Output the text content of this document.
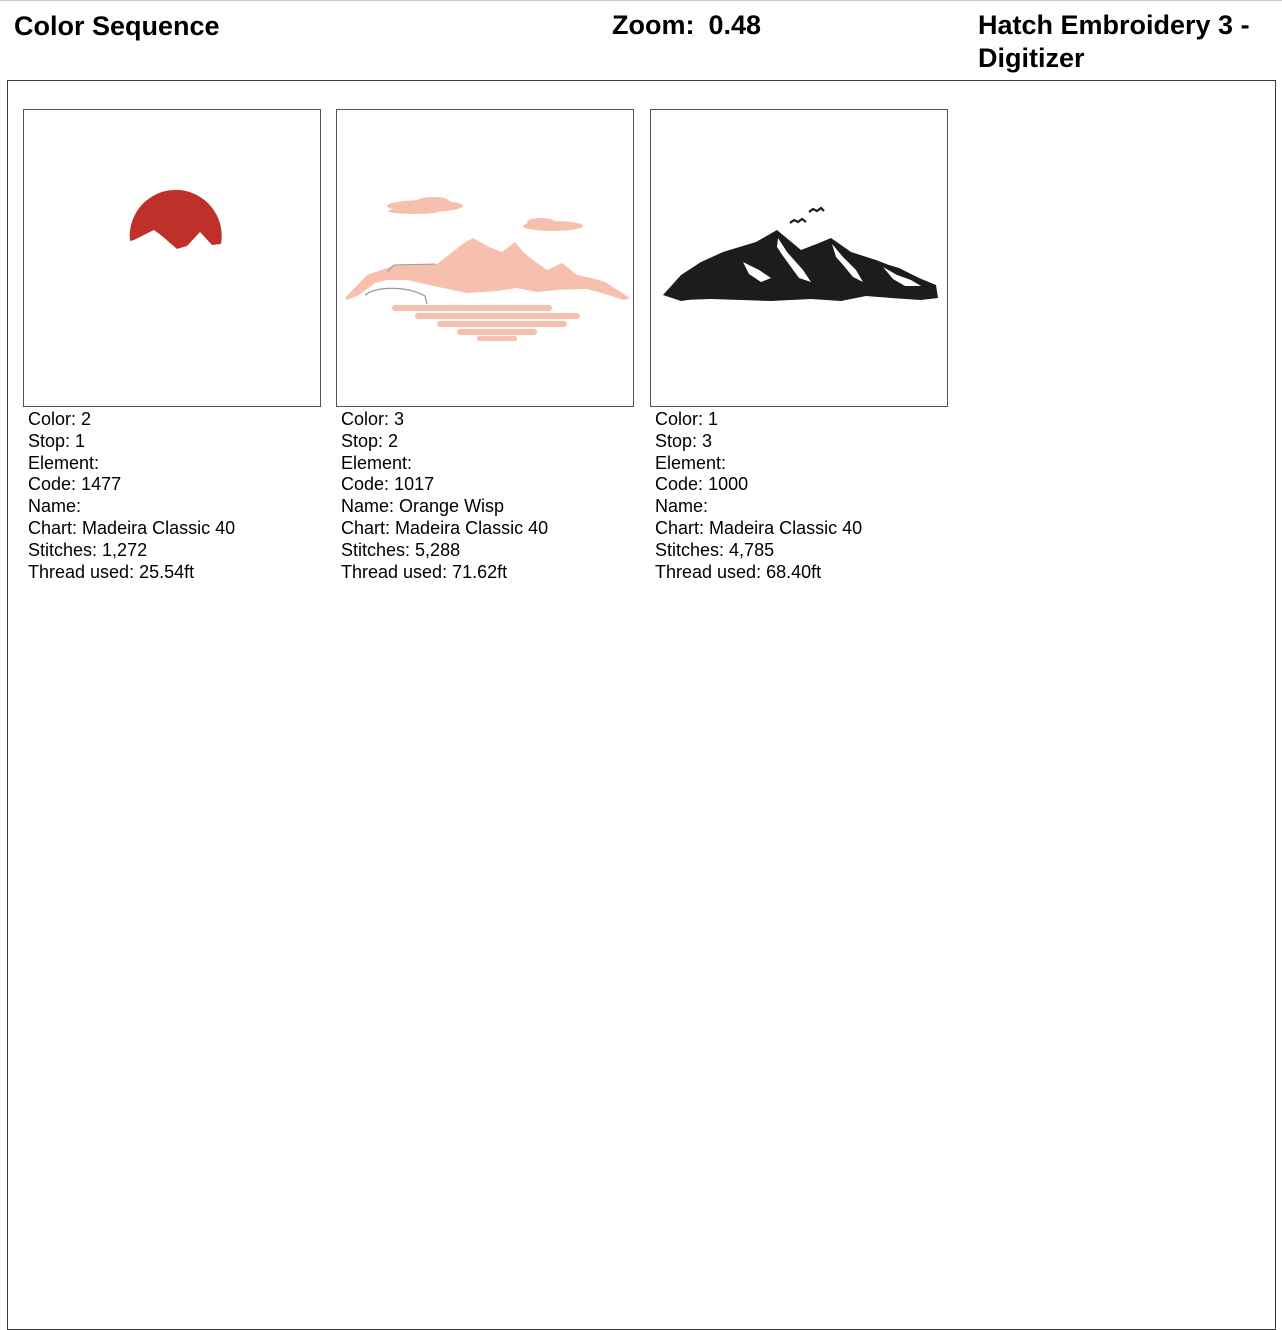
Color Sequence	Zoom: 0.48	Hatch Embroidery 3 - Digitizer
Color: 2
Stop: 1
Element:
Code: 1477
Name:
Chart: Madeira Classic 40
Stitches: 1,272
Thread used: 25.54ft
Color: 3
Stop: 2
Element:
Code: 1017
Name: Orange Wisp
Chart: Madeira Classic 40
Stitches: 5,288
Thread used: 71.62ft
Color: 1
Stop: 3
Element:
Code: 1000
Name:
Chart: Madeira Classic 40
Stitches: 4,785
Thread used: 68.40ft
